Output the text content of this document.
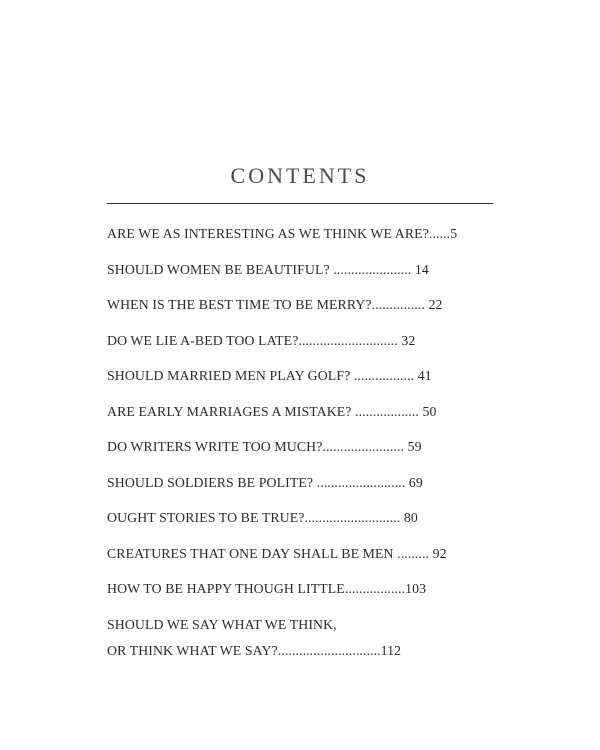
CONTENTS
ARE WE AS INTERESTING AS WE THINK WE ARE?......5
SHOULD WOMEN BE BEAUTIFUL? ...................... 14
WHEN IS THE BEST TIME TO BE MERRY?............... 22
DO WE LIE A-BED TOO LATE?............................ 32
SHOULD MARRIED MEN PLAY GOLF? ................. 41
ARE EARLY MARRIAGES A MISTAKE? .................. 50
DO WRITERS WRITE TOO MUCH?....................... 59
SHOULD SOLDIERS BE POLITE? ......................... 69
OUGHT STORIES TO BE TRUE?........................... 80
CREATURES THAT ONE DAY SHALL BE MEN ......... 92
HOW TO BE HAPPY THOUGH LITTLE.................103
SHOULD WE SAY WHAT WE THINK,
OR THINK WHAT WE SAY?.............................112
